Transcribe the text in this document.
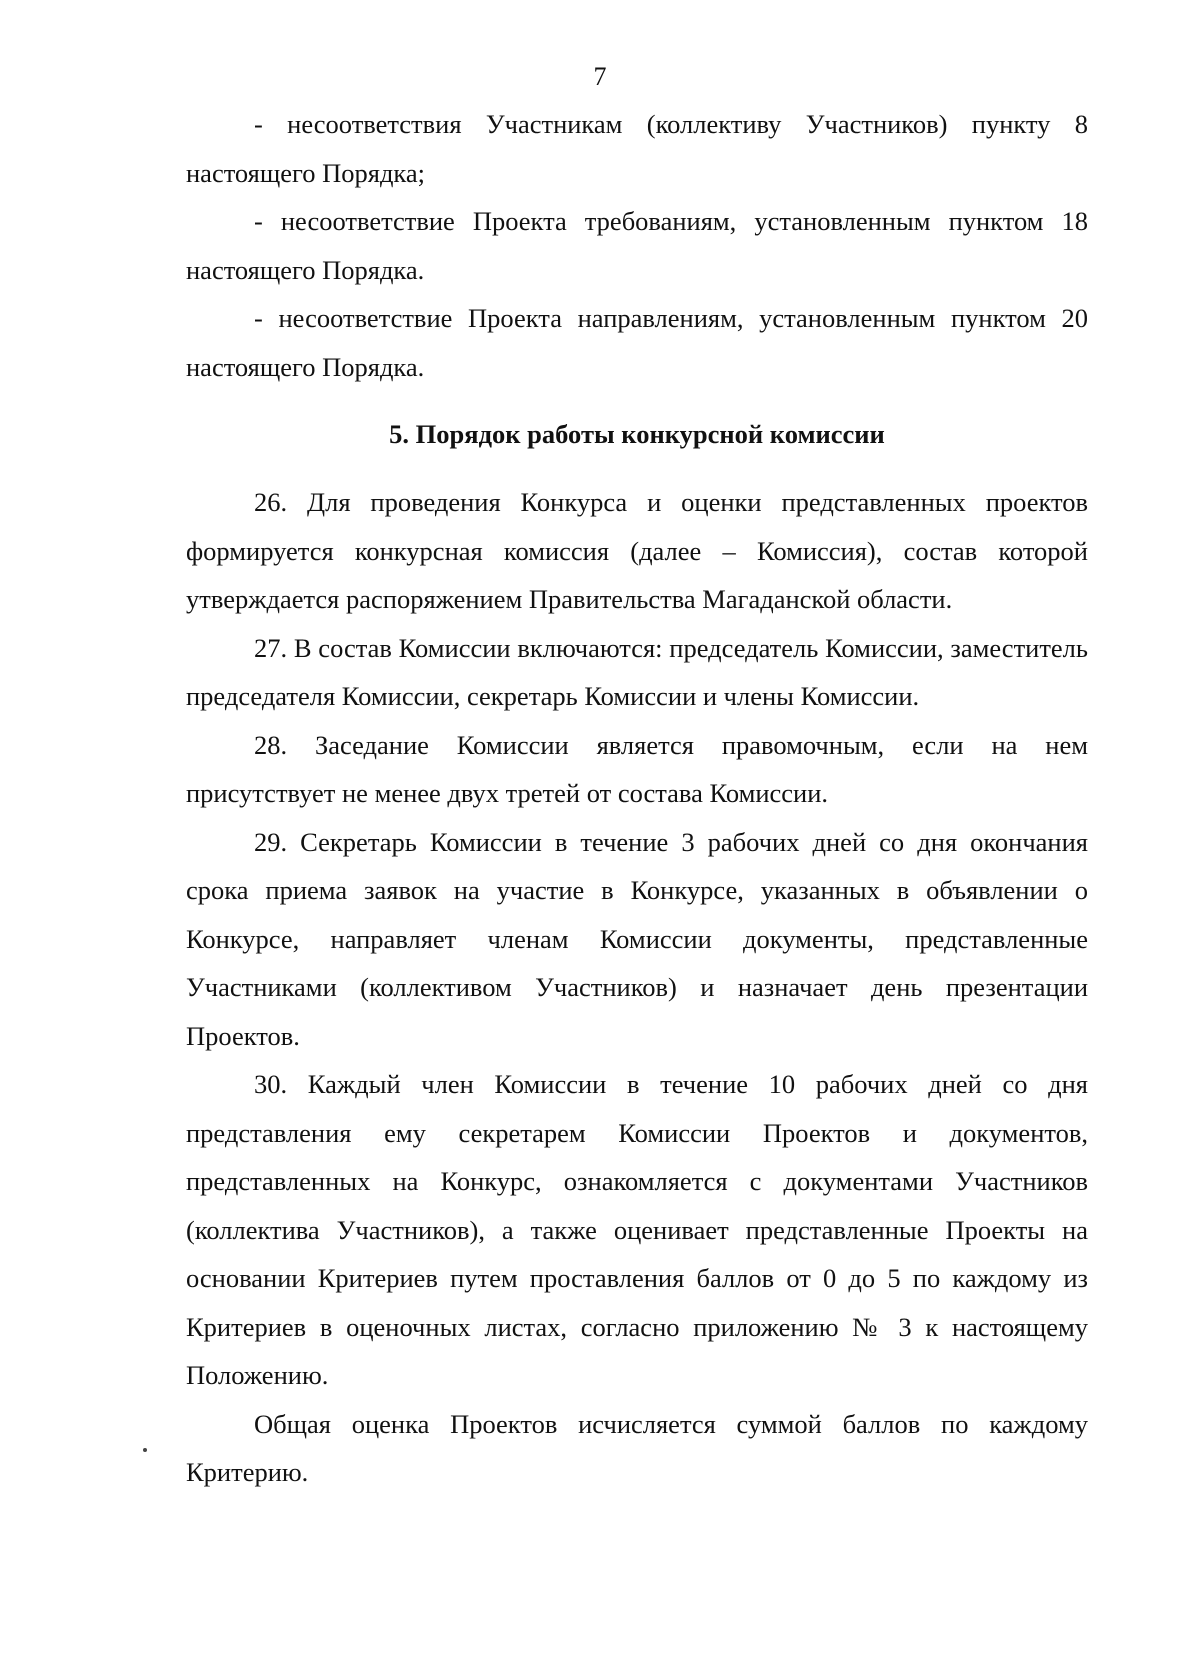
7

- несоответствия Участникам (коллективу Участников) пункту 8 настоящего Порядка;

- несоответствие Проекта требованиям, установленным пунктом 18 настоящего Порядка.

- несоответствие Проекта направлениям, установленным пунктом 20 настоящего Порядка.

5. Порядок работы конкурсной комиссии

26. Для проведения Конкурса и оценки представленных проектов формируется конкурсная комиссия (далее – Комиссия), состав которой утверждается распоряжением Правительства Магаданской области.

27. В состав Комиссии включаются: председатель Комиссии, заместитель председателя Комиссии, секретарь Комиссии и члены Комиссии.

28. Заседание Комиссии является правомочным, если на нем присутствует не менее двух третей от состава Комиссии.

29. Секретарь Комиссии в течение 3 рабочих дней со дня окончания срока приема заявок на участие в Конкурсе, указанных в объявлении о Конкурсе, направляет членам Комиссии документы, представленные Участниками (коллективом Участников) и назначает день презентации Проектов.

30. Каждый член Комиссии в течение 10 рабочих дней со дня представления ему секретарем Комиссии Проектов и документов, представленных на Конкурс, ознакомляется с документами Участников (коллектива Участников), а также оценивает представленные Проекты на основании Критериев путем проставления баллов от 0 до 5 по каждому из Критериев в оценочных листах, согласно приложению № 3 к настоящему Положению.

Общая оценка Проектов исчисляется суммой баллов по каждому Критерию.
